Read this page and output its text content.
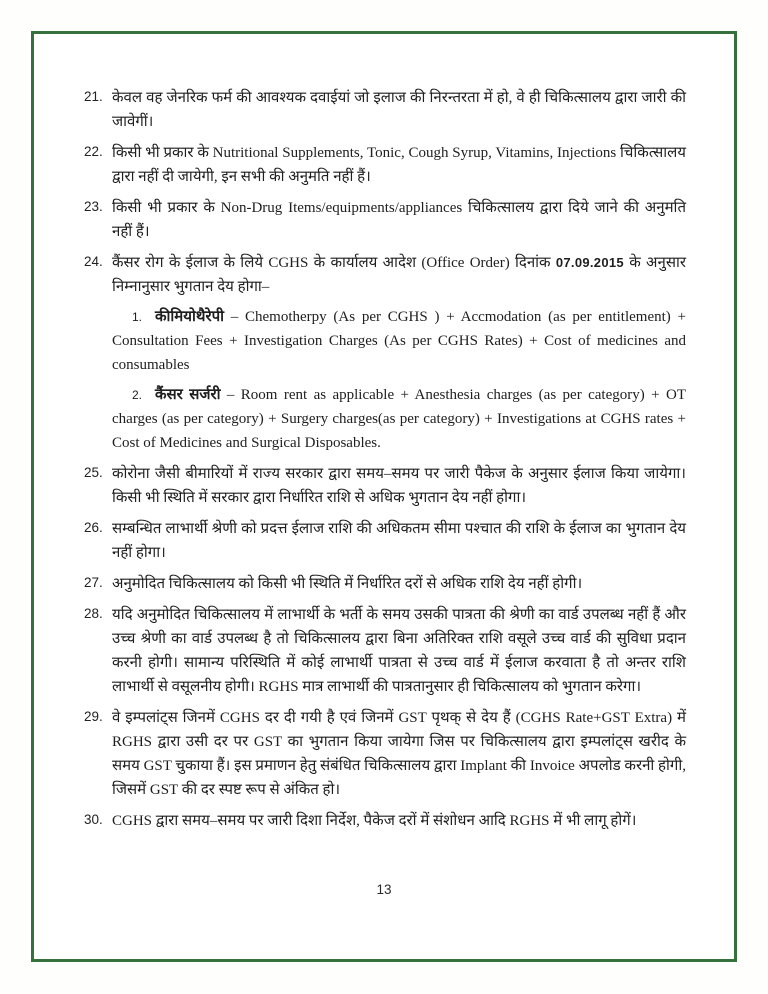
21. केवल वह जेनरिक फर्म की आवश्यक दवाईयां जो इलाज की निरन्तरता में हो, वे ही चिकित्सालय द्वारा जारी की जावेगीं।
22. किसी भी प्रकार के Nutritional Supplements, Tonic, Cough Syrup, Vitamins, Injections चिकित्सालय द्वारा नहीं दी जायेगी, इन सभी की अनुमति नहीं हैं।
23. किसी भी प्रकार के Non-Drug Items/equipments/appliances चिकित्सालय द्वारा दिये जाने की अनुमति नहीं हैं।
24. कैंसर रोग के ईलाज के लिये CGHS के कार्यालय आदेश (Office Order) दिनांक 07.09.2015 के अनुसार निम्नानुसार भुगतान देय होगा–
1. कीमियोथैरेपी – Chemotherpy (As per CGHS ) + Accmodation (as per entitlement) + Consultation Fees + Investigation Charges (As per CGHS Rates) + Cost of medicines and consumables
2. कैंसर सर्जरी – Room rent as applicable + Anesthesia charges (as per category) + OT charges (as per category) + Surgery charges(as per category) + Investigations at CGHS rates + Cost of Medicines and Surgical Disposables.
25. कोरोना जैसी बीमारियों में राज्य सरकार द्वारा समय–समय पर जारी पैकेज के अनुसार ईलाज किया जायेगा। किसी भी स्थिति में सरकार द्वारा निर्धारित राशि से अधिक भुगतान देय नहीं होगा।
26. सम्बन्धित लाभार्थी श्रेणी को प्रदत्त ईलाज राशि की अधिकतम सीमा पश्चात की राशि के ईलाज का भुगतान देय नहीं होगा।
27. अनुमोदित चिकित्सालय को किसी भी स्थिति में निर्धारित दरों से अधिक राशि देय नहीं होगी।
28. यदि अनुमोदित चिकित्सालय में लाभार्थी के भर्ती के समय उसकी पात्रता की श्रेणी का वार्ड उपलब्ध नहीं हैं और उच्च श्रेणी का वार्ड उपलब्ध है तो चिकित्सालय द्वारा बिना अतिरिक्त राशि वसूले उच्च वार्ड की सुविधा प्रदान करनी होगी। सामान्य परिस्थिति में कोई लाभार्थी पात्रता से उच्च वार्ड में ईलाज करवाता है तो अन्तर राशि लाभार्थी से वसूलनीय होगी। RGHS मात्र लाभार्थी की पात्रतानुसार ही चिकित्सालय को भुगतान करेगा।
29. वे इम्पलांट्स जिनमें CGHS दर दी गयी है एवं जिनमें GST पृथक् से देय हैं (CGHS Rate+GST Extra) में RGHS द्वारा उसी दर पर GST का भुगतान किया जायेगा जिस पर चिकित्सालय द्वारा इम्पलांट्स खरीद के समय GST चुकाया हैं। इस प्रमाणन हेतु संबंधित चिकित्सालय द्वारा Implant की Invoice अपलोड करनी होगी, जिसमें GST की दर स्पष्ट रूप से अंकित हो।
30. CGHS द्वारा समय–समय पर जारी दिशा निर्देश, पैकेज दरों में संशोधन आदि RGHS में भी लागू होगें।
13
